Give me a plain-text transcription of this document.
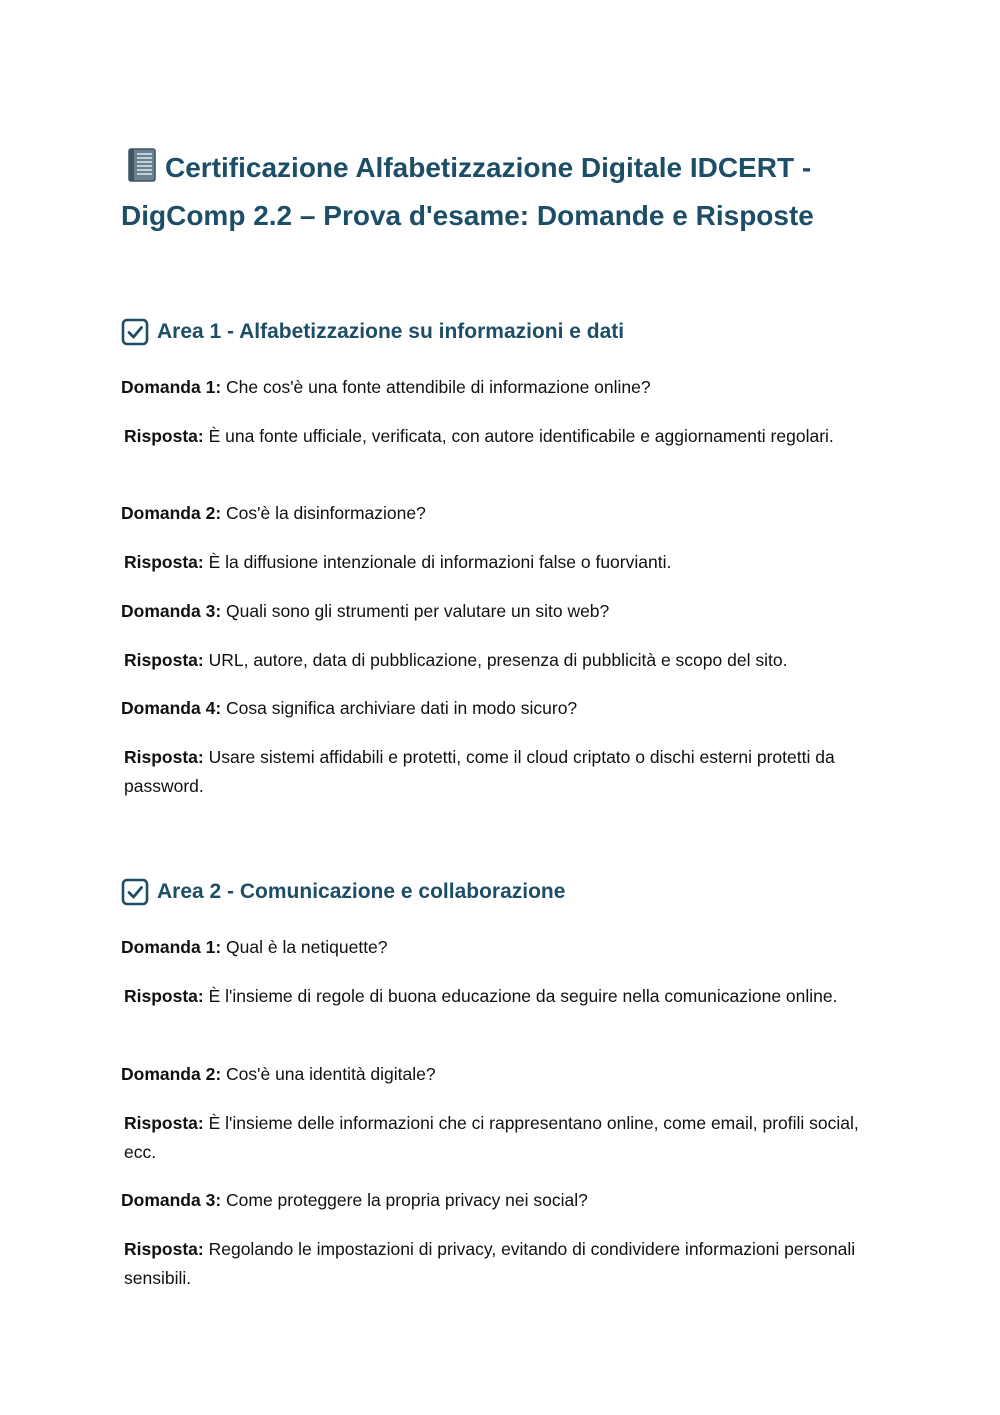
Certificazione Alfabetizzazione Digitale IDCERT - DigComp 2.2 – Prova d'esame: Domande e Risposte
Area 1 - Alfabetizzazione su informazioni e dati

Domanda 1: Che cos'è una fonte attendibile di informazione online?

Risposta: È una fonte ufficiale, verificata, con autore identificabile e aggiornamenti regolari.

Domanda 2: Cos'è la disinformazione?

Risposta: È la diffusione intenzionale di informazioni false o fuorvianti.

Domanda 3: Quali sono gli strumenti per valutare un sito web?

Risposta: URL, autore, data di pubblicazione, presenza di pubblicità e scopo del sito.

Domanda 4: Cosa significa archiviare dati in modo sicuro?

Risposta: Usare sistemi affidabili e protetti, come il cloud criptato o dischi esterni protetti da password.

Area 2 - Comunicazione e collaborazione

Domanda 1: Qual è la netiquette?

Risposta: È l'insieme di regole di buona educazione da seguire nella comunicazione online.

Domanda 2: Cos'è una identità digitale?

Risposta: È l'insieme delle informazioni che ci rappresentano online, come email, profili social, ecc.

Domanda 3: Come proteggere la propria privacy nei social?

Risposta: Regolando le impostazioni di privacy, evitando di condividere informazioni personali sensibili.
